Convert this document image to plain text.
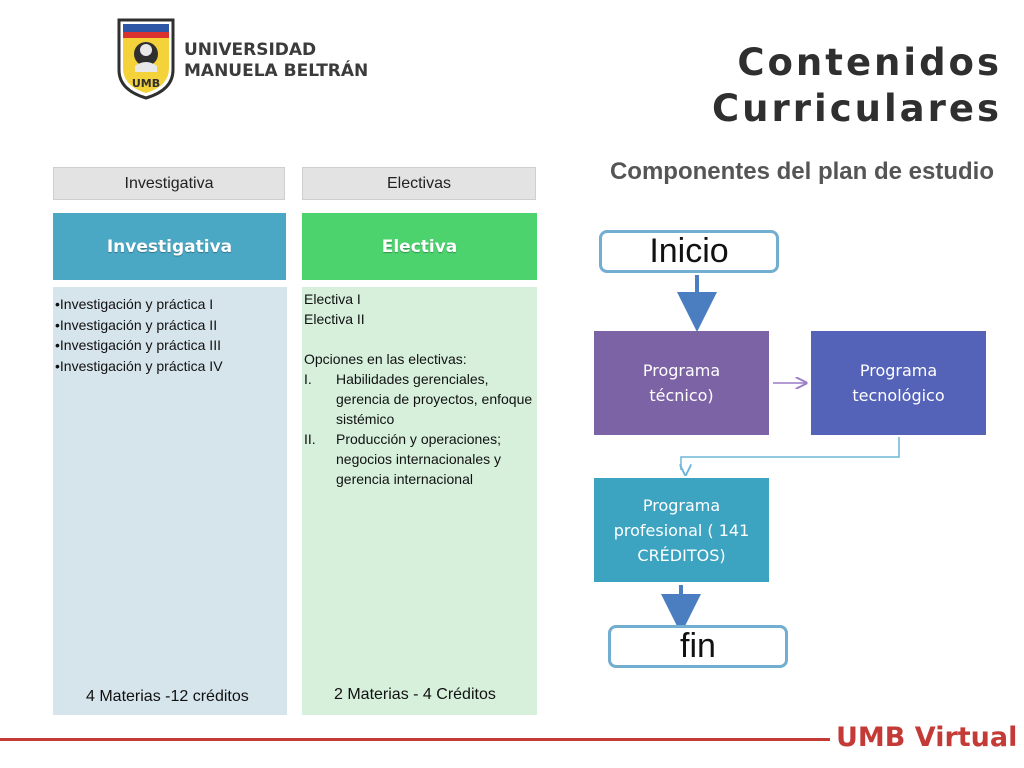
UMB
UNIVERSIDAD
MANUELA BELTRÁN	Contenidos
Curriculares
Componentes del plan de estudio
Investigativa	Electivas
Investigativa	Electiva
•Investigación y práctica I
•Investigación y práctica II
•Investigación y práctica III
•Investigación y práctica IV
Electiva I
Electiva II
Opciones en las electivas:
I.	Habilidades gerenciales, gerencia de proyectos, enfoque sistémico
II.	Producción y operaciones; negocios internacionales y gerencia internacional
4 Materias -12 créditos	2 Materias - 4 Créditos
Inicio
Programa técnico)
Programa tecnológico
Programa profesional ( 141 CRÉDITOS)
fin
UMB Virtual
